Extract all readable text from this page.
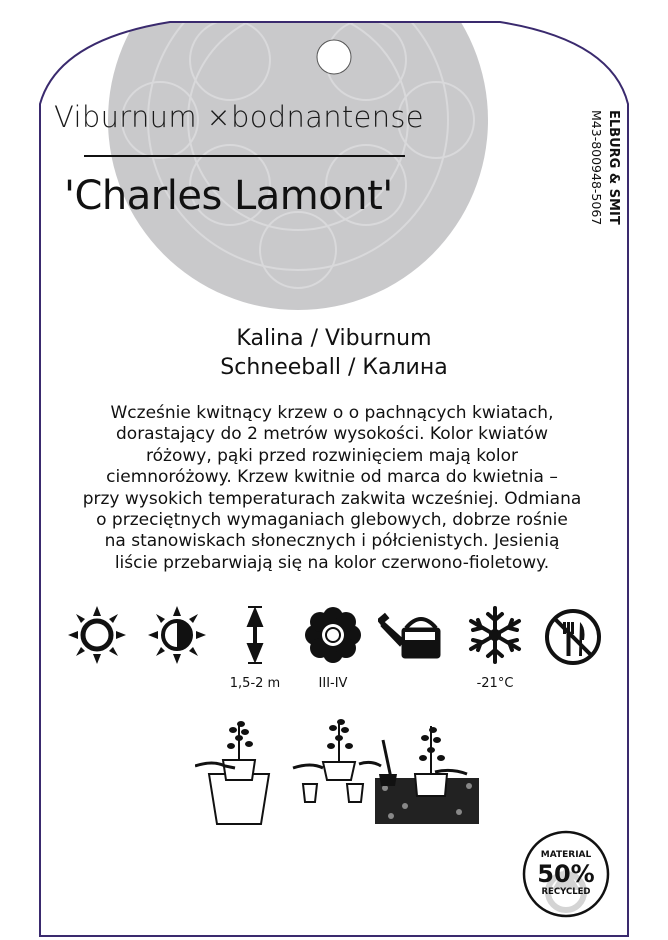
Viburnum ×bodnantense
'Charles Lamont'	ELBURG & SMIT
M43-800948-5067
Kalina / Viburnum
Schneeball / Калина
Wcześnie kwitnący krzew o o pachnących kwiatach,
dorastający do 2 metrów wysokości. Kolor kwiatów
różowy, pąki przed rozwinięciem mają kolor
ciemnoróżowy. Krzew kwitnie od marca do kwietnia –
przy wysokich temperaturach zakwita wcześniej. Odmiana
o przeciętnych wymaganiach glebowych, dobrze rośnie
na stanowiskach słonecznych i półcienistych. Jesienią
liście przebarwiają się na kolor czerwono-fioletowy.
1,5-2 m	III-IV	-21°C
MATERIAL
50%
RECYCLED
